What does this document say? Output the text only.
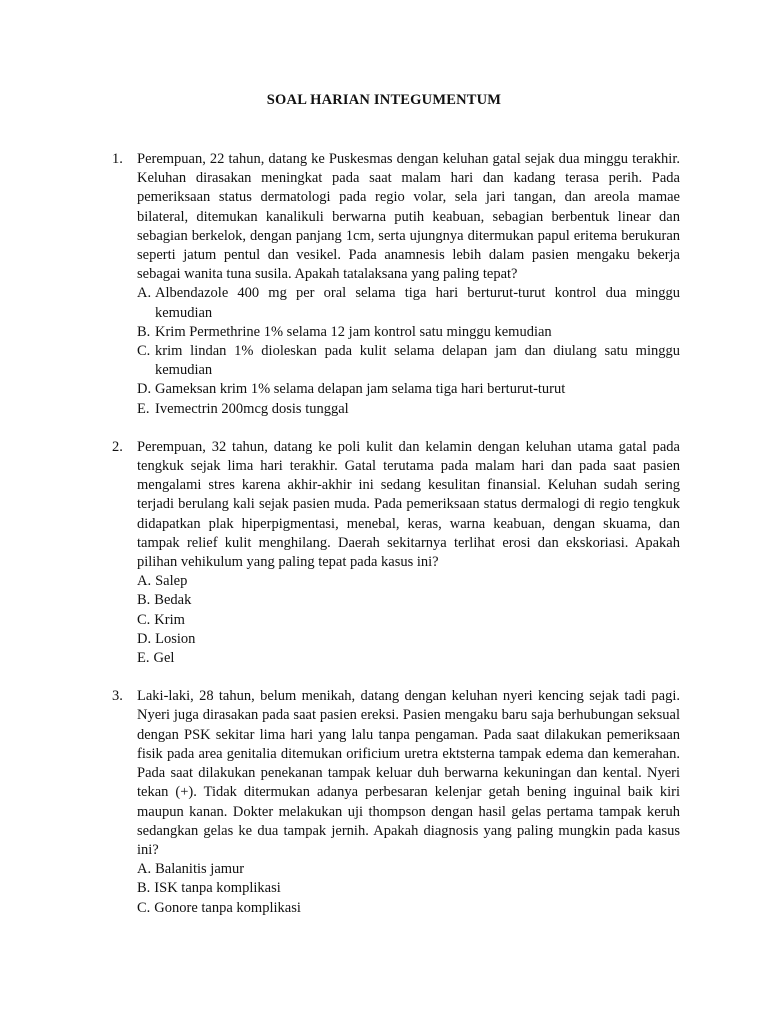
SOAL HARIAN INTEGUMENTUM
1. Perempuan, 22 tahun, datang ke Puskesmas dengan keluhan gatal sejak dua minggu terakhir. Keluhan dirasakan meningkat pada saat malam hari dan kadang terasa perih. Pada pemeriksaan status dermatologi pada regio volar, sela jari tangan, dan areola mamae bilateral, ditemukan kanalikuli berwarna putih keabuan, sebagian berbentuk linear dan sebagian berkelok, dengan panjang 1cm, serta ujungnya ditermukan papul eritema berukuran seperti jatum pentul dan vesikel. Pada anamnesis lebih dalam pasien mengaku bekerja sebagai wanita tuna susila. Apakah tatalaksana yang paling tepat?
A. Albendazole 400 mg per oral selama tiga hari berturut-turut kontrol dua minggu kemudian
B. Krim Permethrine 1% selama 12 jam kontrol satu minggu kemudian
C. krim lindan 1% dioleskan pada kulit selama delapan jam dan diulang satu minggu kemudian
D. Gameksan krim 1% selama delapan jam selama tiga hari berturut-turut
E. Ivemectrin 200mcg dosis tunggal
2. Perempuan, 32 tahun, datang ke poli kulit dan kelamin dengan keluhan utama gatal pada tengkuk sejak lima hari terakhir. Gatal terutama pada malam hari dan pada saat pasien mengalami stres karena akhir-akhir ini sedang kesulitan finansial. Keluhan sudah sering terjadi berulang kali sejak pasien muda. Pada pemeriksaan status dermalogi di regio tengkuk didapatkan plak hiperpigmentasi, menebal, keras, warna keabuan, dengan skuama, dan tampak relief kulit menghilang. Daerah sekitarnya terlihat erosi dan ekskoriasi. Apakah pilihan vehikulum yang paling tepat pada kasus ini?
A. Salep
B. Bedak
C. Krim
D. Losion
E. Gel
3. Laki-laki, 28 tahun, belum menikah, datang dengan keluhan nyeri kencing sejak tadi pagi. Nyeri juga dirasakan pada saat pasien ereksi. Pasien mengaku baru saja berhubungan seksual dengan PSK sekitar lima hari yang lalu tanpa pengaman. Pada saat dilakukan pemeriksaan fisik pada area genitalia ditemukan orificium uretra ektsterna tampak edema dan kemerahan. Pada saat dilakukan penekanan tampak keluar duh berwarna kekuningan dan kental. Nyeri tekan (+). Tidak ditermukan adanya perbesaran kelenjar getah bening inguinal baik kiri maupun kanan. Dokter melakukan uji thompson dengan hasil gelas pertama tampak keruh sedangkan gelas ke dua tampak jernih. Apakah diagnosis yang paling mungkin pada kasus ini?
A. Balanitis jamur
B. ISK tanpa komplikasi
C. Gonore tanpa komplikasi
